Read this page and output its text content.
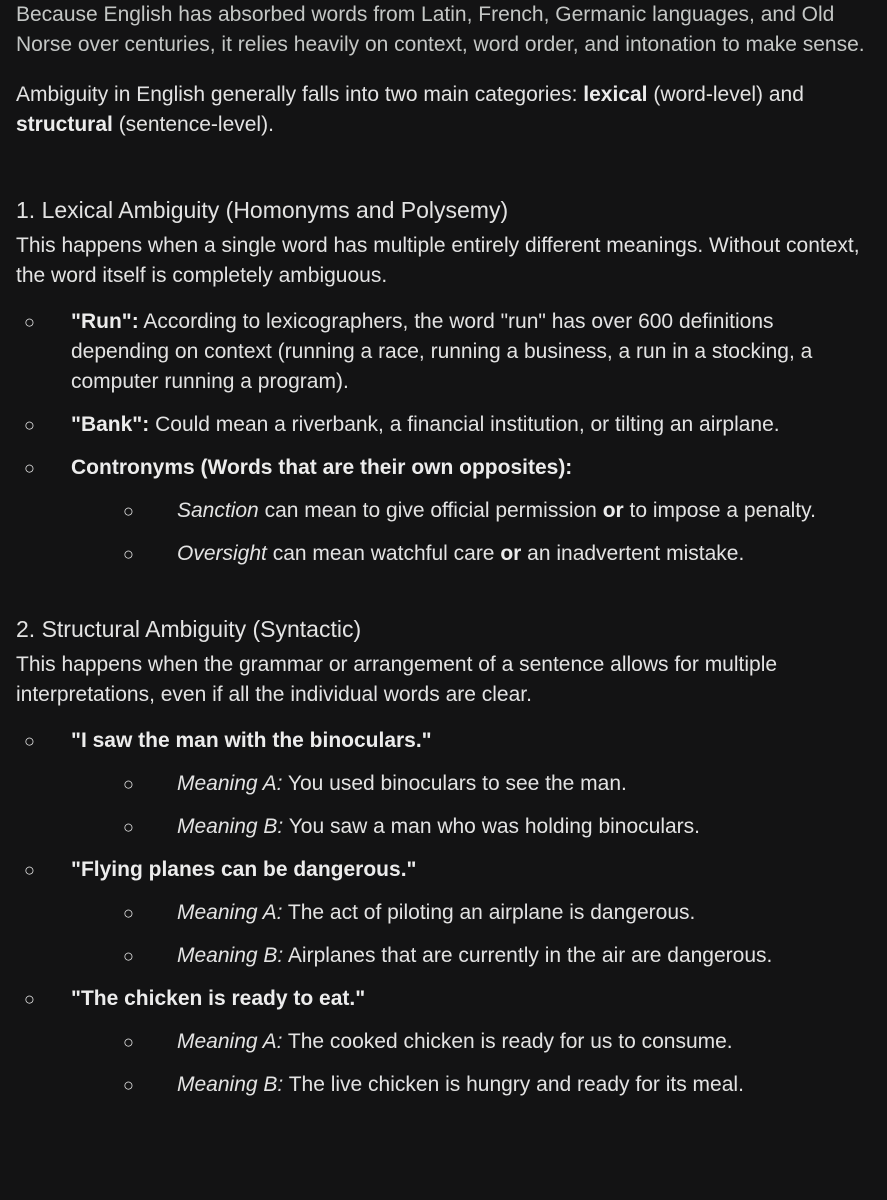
Because English has absorbed words from Latin, French, Germanic languages, and Old Norse over centuries, it relies heavily on context, word order, and intonation to make sense.

Ambiguity in English generally falls into two main categories: lexical (word-level) and structural (sentence-level).

1. Lexical Ambiguity (Homonyms and Polysemy)

This happens when a single word has multiple entirely different meanings. Without context, the word itself is completely ambiguous.

○ "Run": According to lexicographers, the word "run" has over 600 definitions depending on context (running a race, running a business, a run in a stocking, a computer running a program).
○ "Bank": Could mean a riverbank, a financial institution, or tilting an airplane.
○ Contronyms (Words that are their own opposites):
○ Sanction can mean to give official permission or to impose a penalty.
○ Oversight can mean watchful care or an inadvertent mistake.

2. Structural Ambiguity (Syntactic)

This happens when the grammar or arrangement of a sentence allows for multiple interpretations, even if all the individual words are clear.

○ "I saw the man with the binoculars."
○ Meaning A: You used binoculars to see the man.
○ Meaning B: You saw a man who was holding binoculars.
○ "Flying planes can be dangerous."
○ Meaning A: The act of piloting an airplane is dangerous.
○ Meaning B: Airplanes that are currently in the air are dangerous.
○ "The chicken is ready to eat."
○ Meaning A: The cooked chicken is ready for us to consume.
○ Meaning B: The live chicken is hungry and ready for its meal.
